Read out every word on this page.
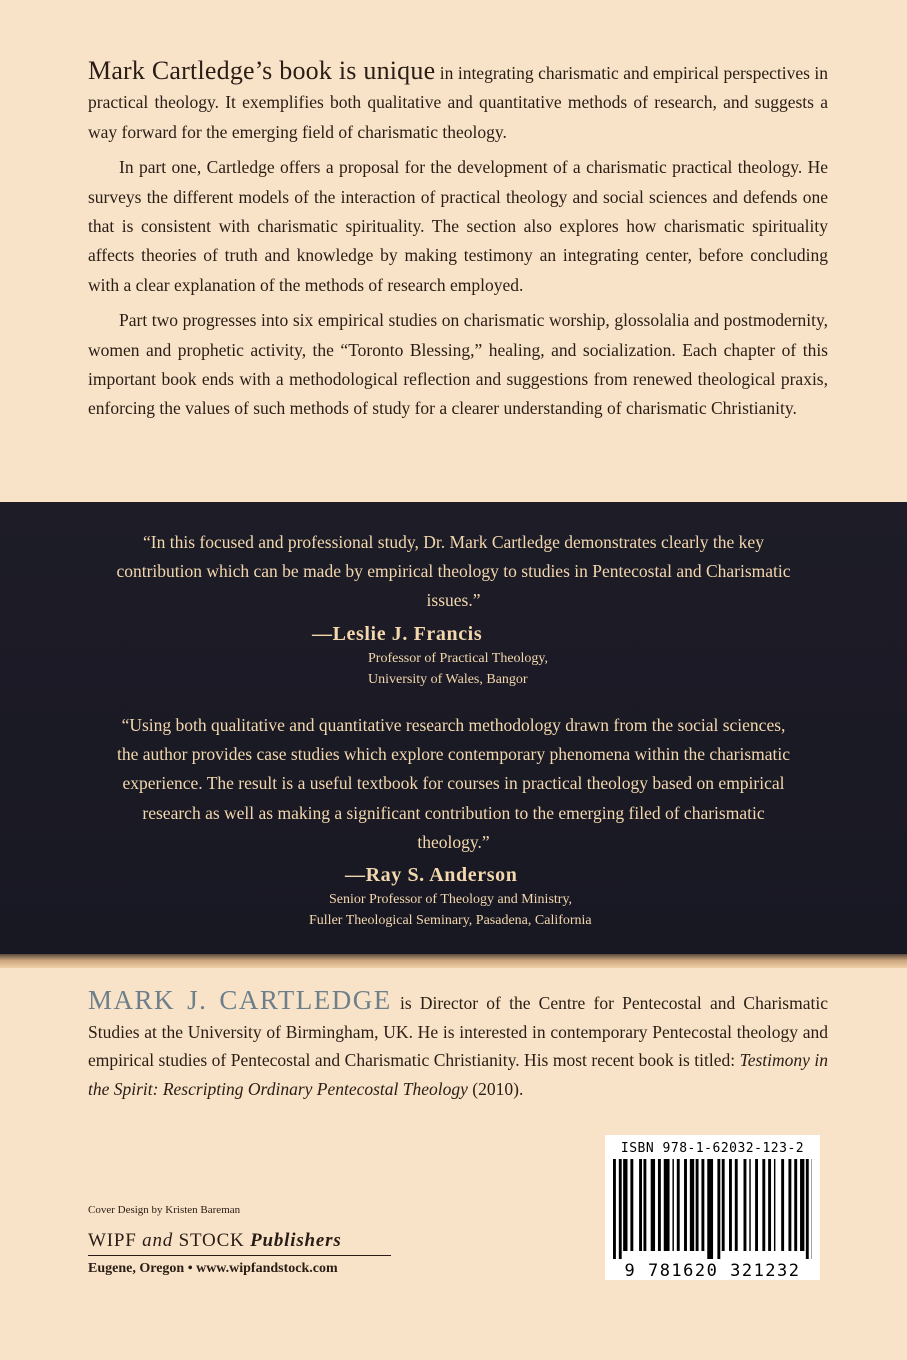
Mark Cartledge’s book is unique in integrating charismatic and empirical perspectives in practical theology. It exemplifies both qualitative and quantitative methods of research, and suggests a way forward for the emerging field of charismatic theology.

In part one, Cartledge offers a proposal for the development of a charismatic practical theology. He surveys the different models of the interaction of practical theology and social sciences and defends one that is consistent with charismatic spirituality. The section also explores how charismatic spirituality affects theories of truth and knowledge by making testimony an integrating center, before concluding with a clear explanation of the methods of research employed.

Part two progresses into six empirical studies on charismatic worship, glossolalia and postmodernity, women and prophetic activity, the “Toronto Blessing,” healing, and socialization. Each chapter of this important book ends with a methodological reflection and suggestions from renewed theological praxis, enforcing the values of such methods of study for a clearer understanding of charismatic Christianity.

“In this focused and professional study, Dr. Mark Cartledge demonstrates clearly the key contribution which can be made by empirical theology to studies in Pentecostal and Charismatic issues.”
—Leslie J. Francis
Professor of Practical Theology,
University of Wales, Bangor
“Using both qualitative and quantitative research methodology drawn from the social sciences, the author provides case studies which explore contemporary phenomena within the charismatic experience. The result is a useful textbook for courses in practical theology based on empirical research as well as making a significant contribution to the emerging filed of charismatic theology.”
—Ray S. Anderson
Senior Professor of Theology and Ministry,
Fuller Theological Seminary, Pasadena, California
MARK J. CARTLEDGE is Director of the Centre for Pentecostal and Charismatic Studies at the University of Birmingham, UK. He is interested in contemporary Pentecostal theology and empirical studies of Pentecostal and Charismatic Christianity. His most recent book is titled: Testimony in the Spirit: Rescripting Ordinary Pentecostal Theology (2010).
Cover Design by Kristen Bareman
WIPF and STOCK Publishers
Eugene, Oregon • www.wipfandstock.com
ISBN 978-1-62032-123-2
9 781620 321232
